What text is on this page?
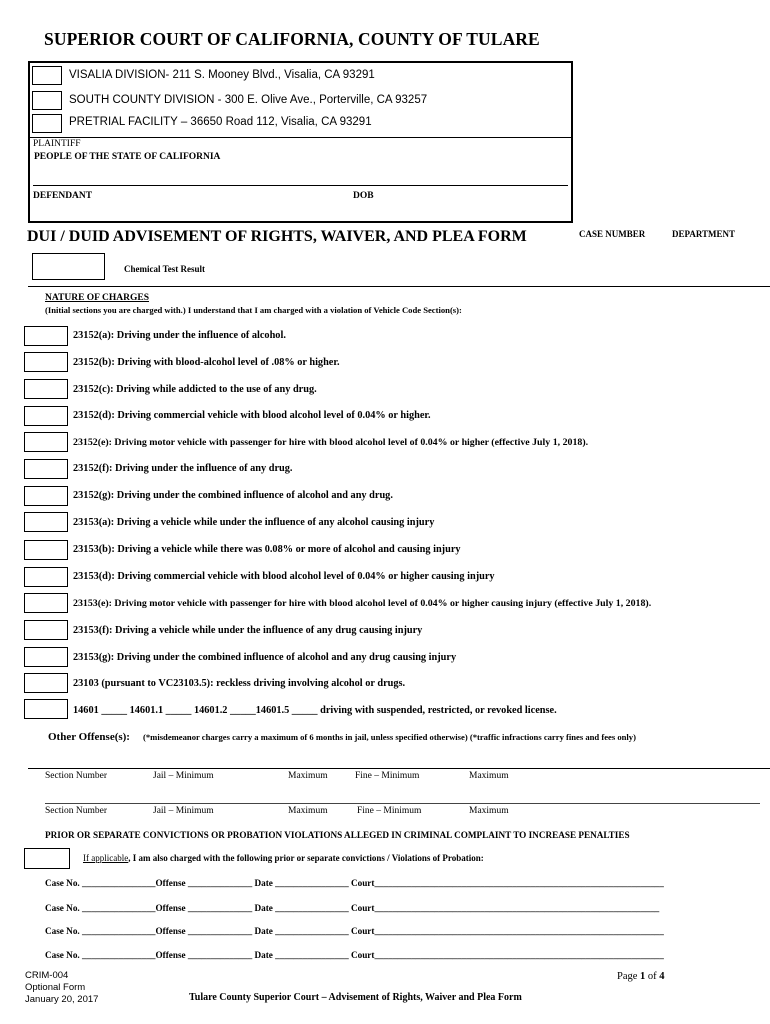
SUPERIOR COURT OF CALIFORNIA, COUNTY OF TULARE
VISALIA DIVISION- 211 S. Mooney Blvd., Visalia, CA 93291
SOUTH COUNTY DIVISION - 300 E. Olive Ave., Porterville, CA 93257
PRETRIAL FACILITY – 36650 Road 112, Visalia, CA 93291
PLAINTIFF
PEOPLE OF THE STATE OF CALIFORNIA
DEFENDANT	DOB
CASE NUMBER	DEPARTMENT
DUI / DUID ADVISEMENT OF RIGHTS, WAIVER, AND PLEA FORM
Chemical Test Result
NATURE OF CHARGES
(Initial sections you are charged with.) I understand that I am charged with a violation of Vehicle Code Section(s):
23152(a): Driving under the influence of alcohol.
23152(b): Driving with blood-alcohol level of .08% or higher.
23152(c): Driving while addicted to the use of any drug.
23152(d): Driving commercial vehicle with blood alcohol level of 0.04% or higher.
23152(e): Driving motor vehicle with passenger for hire with blood alcohol level of 0.04% or higher (effective July 1, 2018).
23152(f): Driving under the influence of any drug.
23152(g): Driving under the combined influence of alcohol and any drug.
23153(a): Driving a vehicle while under the influence of any alcohol causing injury
23153(b): Driving a vehicle while there was 0.08% or more of alcohol and causing injury
23153(d): Driving commercial vehicle with blood alcohol level of 0.04% or higher causing injury
23153(e): Driving motor vehicle with passenger for hire with blood alcohol level of 0.04% or higher causing injury (effective July 1, 2018).
23153(f): Driving a vehicle while under the influence of any drug causing injury
23153(g): Driving under the combined influence of alcohol and any drug causing injury
23103 (pursuant to VC23103.5): reckless driving involving alcohol or drugs.
14601 _____ 14601.1 _____ 14601.2 _____14601.5 _____ driving with suspended, restricted, or revoked license.
Other Offense(s): (*misdemeanor charges carry a maximum of 6 months in jail, unless specified otherwise) (*traffic infractions carry fines and fees only)
Section Number	Jail – Minimum	Maximum	Fine – Minimum	Maximum
Section Number	Jail – Minimum	Maximum	Fine – Minimum	Maximum
PRIOR OR SEPARATE CONVICTIONS OR PROBATION VIOLATIONS ALLEGED IN CRIMINAL COMPLAINT TO INCREASE PENALTIES
If applicable, I am also charged with the following prior or separate convictions / Violations of Probation:
Case No. ________________Offense ______________ Date ________________ Court_______________________________________________________________
Case No. ________________Offense ______________ Date ________________ Court______________________________________________________________
Case No. ________________Offense ______________ Date ________________ Court_______________________________________________________________
Case No. ________________Offense ______________ Date ________________ Court_______________________________________________________________
CRIM-004
Optional Form
January 20, 2017	Tulare County Superior Court – Advisement of Rights, Waiver and Plea Form
Page 1 of 4
